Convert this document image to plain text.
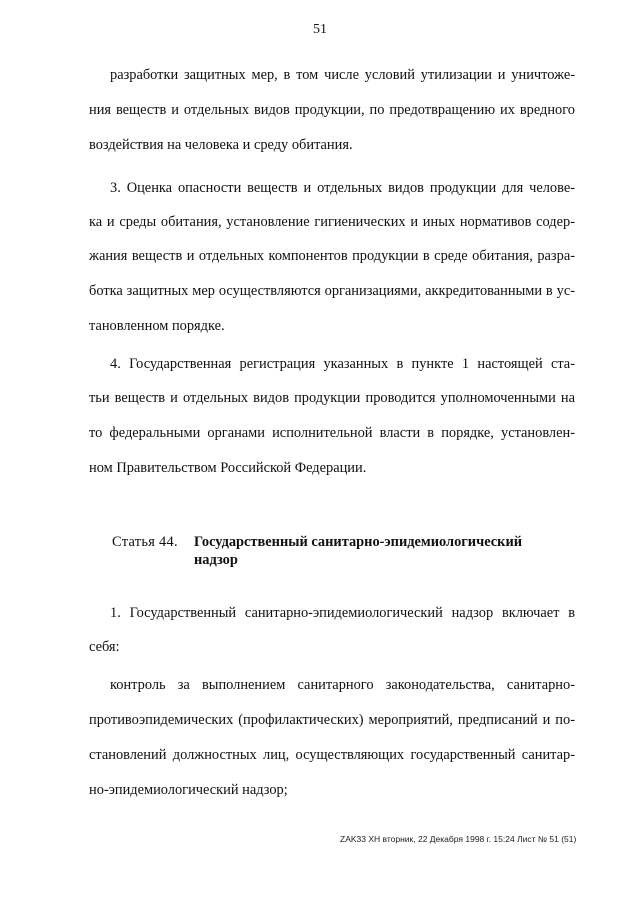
51
разработки защитных мер, в том числе условий утилизации и уничтоже-
ния веществ и отдельных видов продукции, по предотвращению их вредного
воздействия на человека и среду обитания.
3. Оценка опасности веществ и отдельных видов продукции для челове-
ка и среды обитания, установление гигиенических и иных нормативов содер-
жания веществ и отдельных компонентов продукции в среде обитания, разра-
ботка защитных мер осуществляются организациями, аккредитованными в ус-
тановленном порядке.
4. Государственная регистрация указанных в пункте 1 настоящей ста-
тьи веществ и отдельных видов продукции проводится уполномоченными на
то федеральными органами исполнительной власти в порядке, установлен-
ном Правительством Российской Федерации.
Статья 44. Государственный санитарно-эпидемиологический
надзор
1. Государственный санитарно-эпидемиологический надзор включает в
себя:
контроль за выполнением санитарного законодательства, санитарно-
противоэпидемических (профилактических) мероприятий, предписаний и по-
становлений должностных лиц, осуществляющих государственный санитар-
но-эпидемиологический надзор;
ZAK33 ХН вторник, 22 Декабря 1998 г. 15:24 Лист № 51 (51)
